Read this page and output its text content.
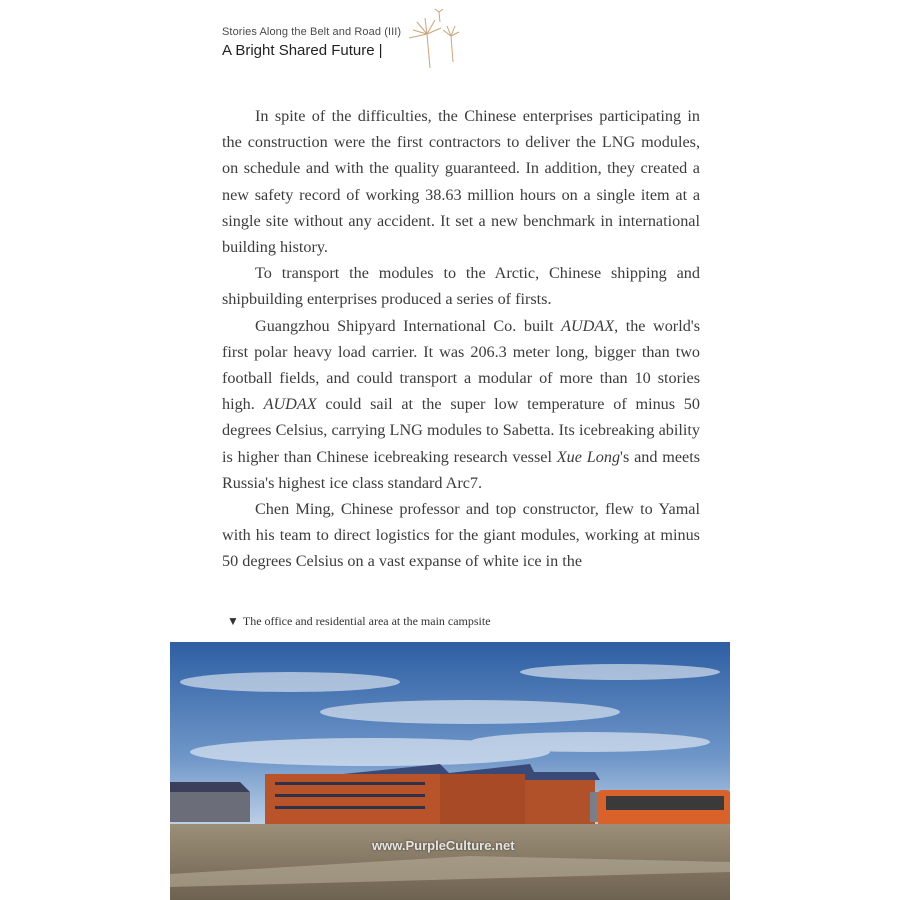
Stories Along the Belt and Road (III)
A Bright Shared Future |

In spite of the difficulties, the Chinese enterprises participating in the construction were the first contractors to deliver the LNG modules, on schedule and with the quality guaranteed. In addition, they created a new safety record of working 38.63 million hours on a single item at a single site without any accident. It set a new benchmark in international building history.

To transport the modules to the Arctic, Chinese shipping and shipbuilding enterprises produced a series of firsts.

Guangzhou Shipyard International Co. built AUDAX, the world's first polar heavy load carrier. It was 206.3 meter long, bigger than two football fields, and could transport a modular of more than 10 stories high. AUDAX could sail at the super low temperature of minus 50 degrees Celsius, carrying LNG modules to Sabetta. Its icebreaking ability is higher than Chinese icebreaking research vessel Xue Long's and meets Russia's highest ice class standard Arc7.

Chen Ming, Chinese professor and top constructor, flew to Yamal with his team to direct logistics for the giant modules, working at minus 50 degrees Celsius on a vast expanse of white ice in the

▼ The office and residential area at the main campsite
www.PurpleCulture.net
